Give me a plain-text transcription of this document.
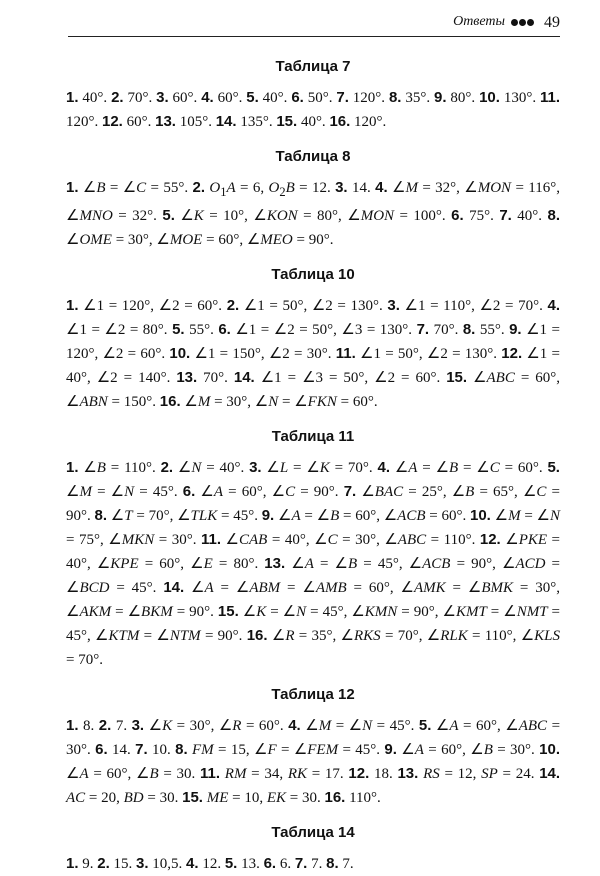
Ответы 49
Таблица 7

1. 40°. 2. 70°. 3. 60°. 4. 60°. 5. 40°. 6. 50°. 7. 120°. 8. 35°. 9. 80°. 10. 130°. 11. 120°. 12. 60°. 13. 105°. 14. 135°. 15. 40°. 16. 120°.

Таблица 8

1. ∠B = ∠C = 55°. 2. $O_1A = 6$, $O_2B = 12$. 3. 14. 4. ∠M = 32°, ∠MON = 116°, ∠MNO = 32°. 5. ∠K = 10°, ∠KON = 80°, ∠MON = 100°. 6. 75°. 7. 40°. 8. ∠OME = 30°, ∠MOE = 60°, ∠MEO = 90°.

Таблица 10

1. ∠1 = 120°, ∠2 = 60°. 2. ∠1 = 50°, ∠2 = 130°. 3. ∠1 = 110°, ∠2 = 70°. 4. ∠1 = ∠2 = 80°. 5. 55°. 6. ∠1 = ∠2 = 50°, ∠3 = 130°. 7. 70°. 8. 55°. 9. ∠1 = 120°, ∠2 = 60°. 10. ∠1 = 150°, ∠2 = 30°. 11. ∠1 = 50°, ∠2 = 130°. 12. ∠1 = 40°, ∠2 = 140°. 13. 70°. 14. ∠1 = ∠3 = 50°, ∠2 = 60°. 15. ∠ABC = 60°, ∠ABN = 150°. 16. ∠M = 30°, ∠N = ∠FKN = 60°.

Таблица 11

1. ∠B = 110°. 2. ∠N = 40°. 3. ∠L = ∠K = 70°. 4. ∠A = ∠B = ∠C = 60°. 5. ∠M = ∠N = 45°. 6. ∠A = 60°, ∠C = 90°. 7. ∠BAC = 25°, ∠B = 65°, ∠C = 90°. 8. ∠T = 70°, ∠TLK = 45°. 9. ∠A = ∠B = 60°, ∠ACB = 60°. 10. ∠M = ∠N = 75°, ∠MKN = 30°. 11. ∠CAB = 40°, ∠C = 30°, ∠ABC = 110°. 12. ∠PKE = 40°, ∠KPE = 60°, ∠E = 80°. 13. ∠A = ∠B = 45°, ∠ACB = 90°, ∠ACD = ∠BCD = 45°. 14. ∠A = ∠ABM = ∠AMB = 60°, ∠AMK = ∠BMK = 30°, ∠AKM = ∠BKM = 90°. 15. ∠K = ∠N = 45°, ∠KMN = 90°, ∠KMT = ∠NMT = 45°, ∠KTM = ∠NTM = 90°. 16. ∠R = 35°, ∠RKS = 70°, ∠RLK = 110°, ∠KLS = 70°.

Таблица 12

1. 8. 2. 7. 3. ∠K = 30°, ∠R = 60°. 4. ∠M = ∠N = 45°. 5. ∠A = 60°, ∠ABC = 30°. 6. 14. 7. 10. 8. FM = 15, ∠F = ∠FEM = 45°. 9. ∠A = 60°, ∠B = 30°. 10. ∠A = 60°, ∠B = 30. 11. RM = 34, RK = 17. 12. 18. 13. RS = 12, SP = 24. 14. AC = 20, BD = 30. 15. ME = 10, EK = 30. 16. 110°.

Таблица 14

1. 9. 2. 15. 3. 10,5. 4. 12. 5. 13. 6. 6. 7. 7. 8. 7.
